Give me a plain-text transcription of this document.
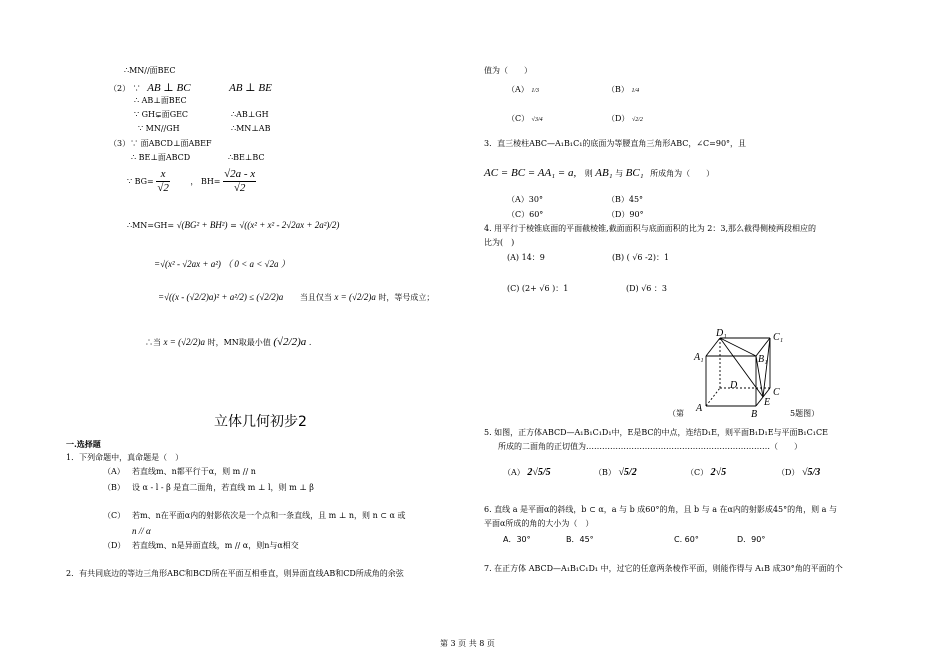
∴MN//面BEC
（2） ∵ AB ⊥ BC	AB ⊥ BE
∴ AB⊥面BEC
∵ GH⊊面GEC	∴AB⊥GH
∵ MN//GH	∴MN⊥AB
（3）∵ 面ABCD⊥面ABEF
∴ BE⊥面ABCD	∴BE⊥BC
∵ $BG= \frac{x}{√2}$	， $BH= \frac{√2a - x}{√2}$
∴MN=GH= √(BG² + BH²) = √((x² + x² - 2√2ax + 2a²)/2)
=√(x² - √2ax + a²) （ 0 < a < √2a ）
=√((x - (√2/2)a)² + a²/2) ≤ (√2/2)a 当且仅当 x = (√2/2)a 时，等号成立；
∴当 x = (√2/2)a 时，MN取最小值 (√2/2)a .
立体几何初步2
一.选择题
1．下列命题中，真命题是（　）
（A） 若直线m、n都平行于α，则 m // n
（B） 设 α - l - β 是直二面角，若直线 m ⊥ l，则 m ⊥ β
（C） 若m、n在平面α内的射影依次是一个点和一条直线，且 m ⊥ n，则 n ⊂ α 或
n // α
（D） 若直线m、n是异面直线，m // α，则n与α相交
2．有共同底边的等边三角形ABC和BCD所在平面互相垂直，则异面直线AB和CD所成角的余弦
值为（　　）
（A） 1/3	（B） 1/4
（C） √3/4	（D） √2/2
3．直三棱柱ABC—A₁B₁C₁的底面为等腰直角三角形ABC，∠C=90°，且
AC = BC = AA₁ = a, 则 AB₁ 与 BC₁ 所成角为（　　）
（A）30°	（B）45°
（C）60°	（D）90°
4. 用平行于棱锥底面的平面截棱锥,截面面积与底面面积的比为 2：3,那么截得侧棱两段相应的
比为(　)
(A) 14：9	(B) ( √6 -2)：1
(C) (2+ √6 )：1	(D) √6 ：3
D₁	C₁
A₁	B₁
D
C
A
B
E
（第	5题图）
5. 如图，正方体ABCD—A₁B₁C₁D₁中，E是BC的中点，连结D₁E，则平面B₁D₁E与平面B₁C₁CE
所成的二面角的正切值为……………………………………………………………（　　）
（A） 2√5/5	（B） √5/2	（C） 2√5	（D） √5/3
6. 直线 a 是平面α的斜线，b ⊂ α，a 与 b 成60°的角，且 b 与 a 在α内的射影成45°的角，则 a 与
平面α所成的角的大小为（　）
A．30°	B．45°	C. 60°	D．90°
7. 在正方体 ABCD—A₁B₁C₁D₁ 中，过它的任意两条棱作平面，则能作得与 A₁B 成30°角的平面的个
第 3 页 共 8 页
